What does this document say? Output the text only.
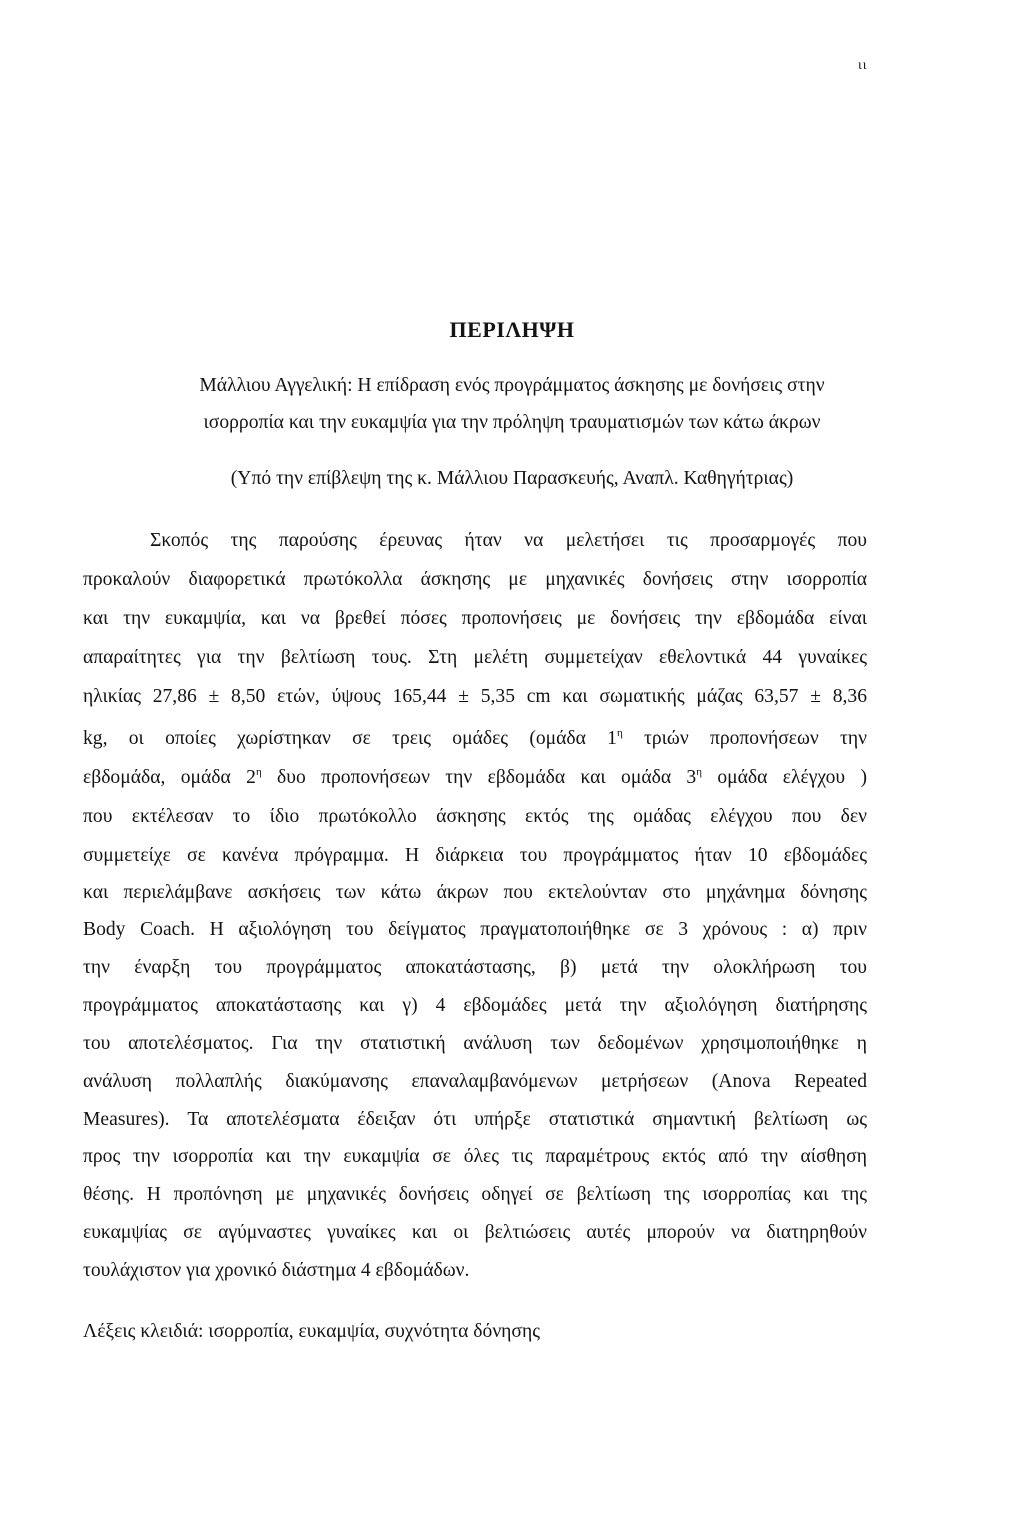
ιι
ΠΕΡΙΛΗΨΗ
Μάλλιου Αγγελική: Η επίδραση ενός προγράμματος άσκησης με δονήσεις στην
ισορροπία και την ευκαμψία για την πρόληψη τραυματισμών των κάτω άκρων
(Υπό την επίβλεψη της κ. Μάλλιου Παρασκευής, Αναπλ. Καθηγήτριας)
Σκοπός της παρούσης έρευνας ήταν να μελετήσει τις προσαρμογές που
προκαλούν διαφορετικά πρωτόκολλα άσκησης με μηχανικές δονήσεις στην ισορροπία
και την ευκαμψία, και να βρεθεί πόσες προπονήσεις με δονήσεις την εβδομάδα είναι
απαραίτητες για την βελτίωση τους. Στη μελέτη συμμετείχαν εθελοντικά 44 γυναίκες
ηλικίας 27,86 ± 8,50 ετών, ύψους 165,44 ± 5,35 cm και σωματικής μάζας 63,57 ± 8,36
kg, οι οποίες χωρίστηκαν σε τρεις ομάδες (ομάδα $1^\eta$ τριών προπονήσεων την
εβδομάδα, ομάδα $2^\eta$ δυο προπονήσεων την εβδομάδα και ομάδα $3^\eta$ ομάδα ελέγχου )
που εκτέλεσαν το ίδιο πρωτόκολλο άσκησης εκτός της ομάδας ελέγχου που δεν
συμμετείχε σε κανένα πρόγραμμα. Η διάρκεια του προγράμματος ήταν 10 εβδομάδες
και περιελάμβανε ασκήσεις των κάτω άκρων που εκτελούνταν στο μηχάνημα δόνησης
Body Coach. Η αξιολόγηση του δείγματος πραγματοποιήθηκε σε 3 χρόνους : α) πριν
την έναρξη του προγράμματος αποκατάστασης, β) μετά την ολοκλήρωση του
προγράμματος αποκατάστασης και γ) 4 εβδομάδες μετά την αξιολόγηση διατήρησης
του αποτελέσματος. Για την στατιστική ανάλυση των δεδομένων χρησιμοποιήθηκε η
ανάλυση πολλαπλής διακύμανσης επαναλαμβανόμενων μετρήσεων (Anova Repeated
Measures). Τα αποτελέσματα έδειξαν ότι υπήρξε στατιστικά σημαντική βελτίωση ως
προς την ισορροπία και την ευκαμψία σε όλες τις παραμέτρους εκτός από την αίσθηση
θέσης. Η προπόνηση με μηχανικές δονήσεις οδηγεί σε βελτίωση της ισορροπίας και της
ευκαμψίας σε αγύμναστες γυναίκες και οι βελτιώσεις αυτές μπορούν να διατηρηθούν
τουλάχιστον για χρονικό διάστημα 4 εβδομάδων.
Λέξεις κλειδιά: ισορροπία, ευκαμψία, συχνότητα δόνησης
